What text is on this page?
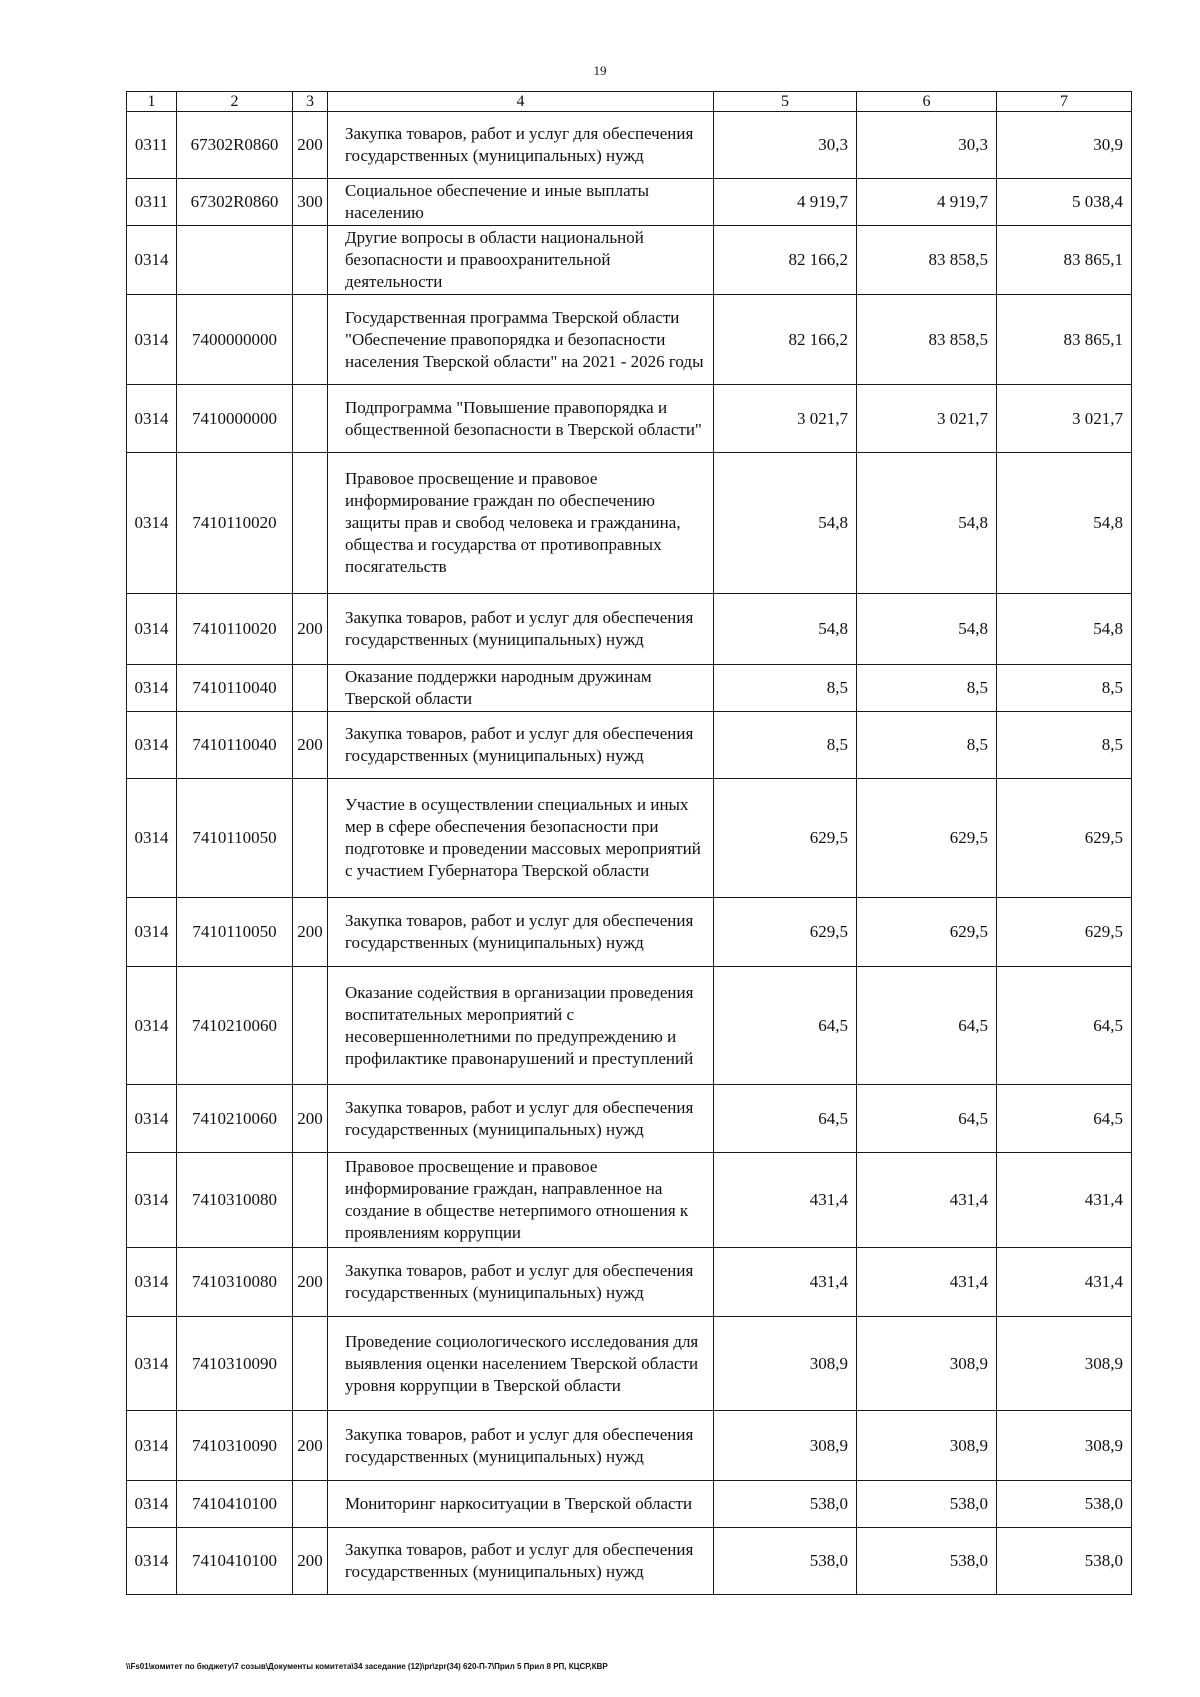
19
1	2	3	4	5	6	7
0311	67302R0860	200	Закупка товаров, работ и услуг для обеспечения государственных (муниципальных) нужд	30,3	30,3	30,9
0311	67302R0860	300	Социальное обеспечение и иные выплаты населению	4 919,7	4 919,7	5 038,4
0314			Другие вопросы в области национальной безопасности и правоохранительной деятельности	82 166,2	83 858,5	83 865,1
0314	7400000000		Государственная программа Тверской области "Обеспечение правопорядка и безопасности населения Тверской области" на 2021 - 2026 годы	82 166,2	83 858,5	83 865,1
0314	7410000000		Подпрограмма "Повышение правопорядка и общественной безопасности в Тверской области"	3 021,7	3 021,7	3 021,7
0314	7410110020		Правовое просвещение и правовое информирование граждан по обеспечению защиты прав и свобод человека и гражданина, общества и государства от противоправных посягательств	54,8	54,8	54,8
0314	7410110020	200	Закупка товаров, работ и услуг для обеспечения государственных (муниципальных) нужд	54,8	54,8	54,8
0314	7410110040		Оказание поддержки народным дружинам Тверской области	8,5	8,5	8,5
0314	7410110040	200	Закупка товаров, работ и услуг для обеспечения государственных (муниципальных) нужд	8,5	8,5	8,5
0314	7410110050		Участие в осуществлении специальных и иных мер в сфере обеспечения безопасности при подготовке и проведении массовых мероприятий с участием Губернатора Тверской области	629,5	629,5	629,5
0314	7410110050	200	Закупка товаров, работ и услуг для обеспечения государственных (муниципальных) нужд	629,5	629,5	629,5
0314	7410210060		Оказание содействия в организации проведения воспитательных мероприятий с несовершеннолетними по предупреждению и профилактике правонарушений и преступлений	64,5	64,5	64,5
0314	7410210060	200	Закупка товаров, работ и услуг для обеспечения государственных (муниципальных) нужд	64,5	64,5	64,5
0314	7410310080		Правовое просвещение и правовое информирование граждан, направленное на создание в обществе нетерпимого отношения к проявлениям коррупции	431,4	431,4	431,4
0314	7410310080	200	Закупка товаров, работ и услуг для обеспечения государственных (муниципальных) нужд	431,4	431,4	431,4
0314	7410310090		Проведение социологического исследования для выявления оценки населением Тверской области уровня коррупции в Тверской области	308,9	308,9	308,9
0314	7410310090	200	Закупка товаров, работ и услуг для обеспечения государственных (муниципальных) нужд	308,9	308,9	308,9
0314	7410410100		Мониторинг наркоситуации в Тверской области	538,0	538,0	538,0
0314	7410410100	200	Закупка товаров, работ и услуг для обеспечения государственных (муниципальных) нужд	538,0	538,0	538,0
\\Fs01\комитет по бюджету\7 созыв\Документы комитета\34 заседание (12)\pr\zpr(34) 620-П-7\Прил 5 Прил 8 РП, КЦСР,КВР
